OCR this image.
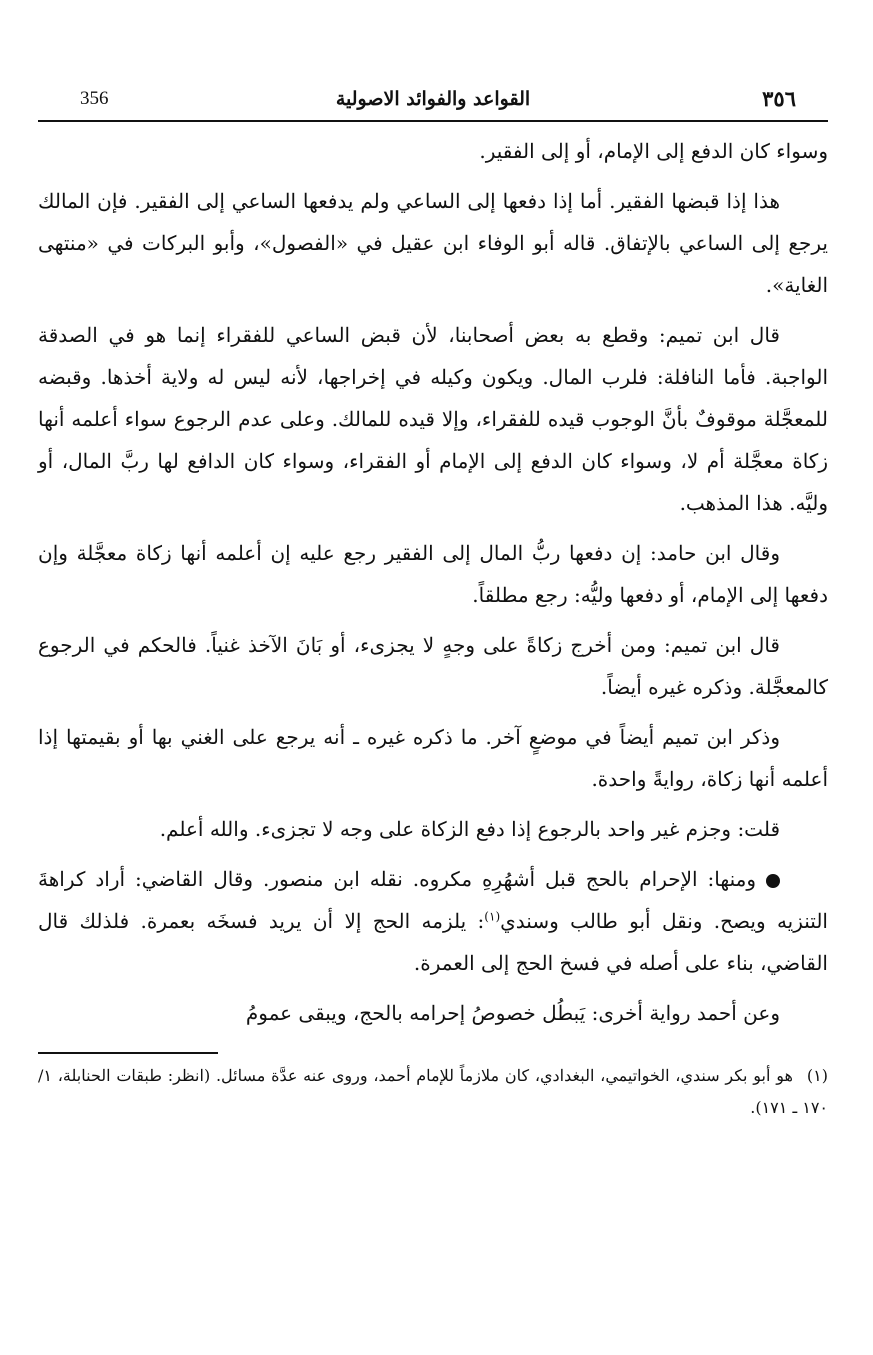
356	القواعد والفوائد الاصولية	٣٥٦

وسواء كان الدفع إلى الإمام، أو إلى الفقير.

هذا إذا قبضها الفقير. أما إذا دفعها إلى الساعي ولم يدفعها الساعي إلى الفقير. فإن المالك يرجع إلى الساعي بالإتفاق. قاله أبو الوفاء ابن عقيل في «الفصول»، وأبو البركات في «منتهى الغاية».

قال ابن تميم: وقطع به بعض أصحابنا، لأن قبض الساعي للفقراء إنما هو في الصدقة الواجبة. فأما النافلة: فلرب المال. ويكون وكيله في إخراجها، لأنه ليس له ولاية أخذها. وقبضه للمعجَّلة موقوفٌ بأنَّ الوجوب قيده للفقراء، وإلا قيده للمالك. وعلى عدم الرجوع سواء أعلمه أنها زكاة معجَّلة أم لا، وسواء كان الدفع إلى الإمام أو الفقراء، وسواء كان الدافع لها ربَّ المال، أو وليَّه. هذا المذهب.

وقال ابن حامد: إن دفعها ربُّ المال إلى الفقير رجع عليه إن أعلمه أنها زكاة معجَّلة وإن دفعها إلى الإمام، أو دفعها وليُّه: رجع مطلقاً.

قال ابن تميم: ومن أخرج زكاةً على وجهٍ لا يجزىء، أو بَانَ الآخذ غنياً. فالحكم في الرجوع كالمعجَّلة. وذكره غيره أيضاً.

وذكر ابن تميم أيضاً في موضعٍ آخر. ما ذكره غيره ـ أنه يرجع على الغني بها أو بقيمتها إذا أعلمه أنها زكاة، روايةً واحدة.

قلت: وجزم غير واحد بالرجوع إذا دفع الزكاة على وجه لا تجزىء. والله أعلم.

ومنها: الإحرام بالحج قبل أشهُرِهِ مكروه. نقله ابن منصور. وقال القاضي: أراد كراهةَ التنزيه ويصح. ونقل أبو طالب وسندي$^{(١)}$: يلزمه الحج إلا أن يريد فسخَه بعمرة. فلذلك قال القاضي، بناء على أصله في فسخ الحج إلى العمرة.

وعن أحمد رواية أخرى: يَبطُل خصوصُ إحرامه بالحج، ويبقى عمومُ

(١)هو أبو بكر سندي، الخواتيمي، البغدادي، كان ملازماً للإمام أحمد، وروى عنه عدَّة مسائل. (انظر: طبقات الحنابلة، ١/ ١٧٠ ـ ١٧١).
